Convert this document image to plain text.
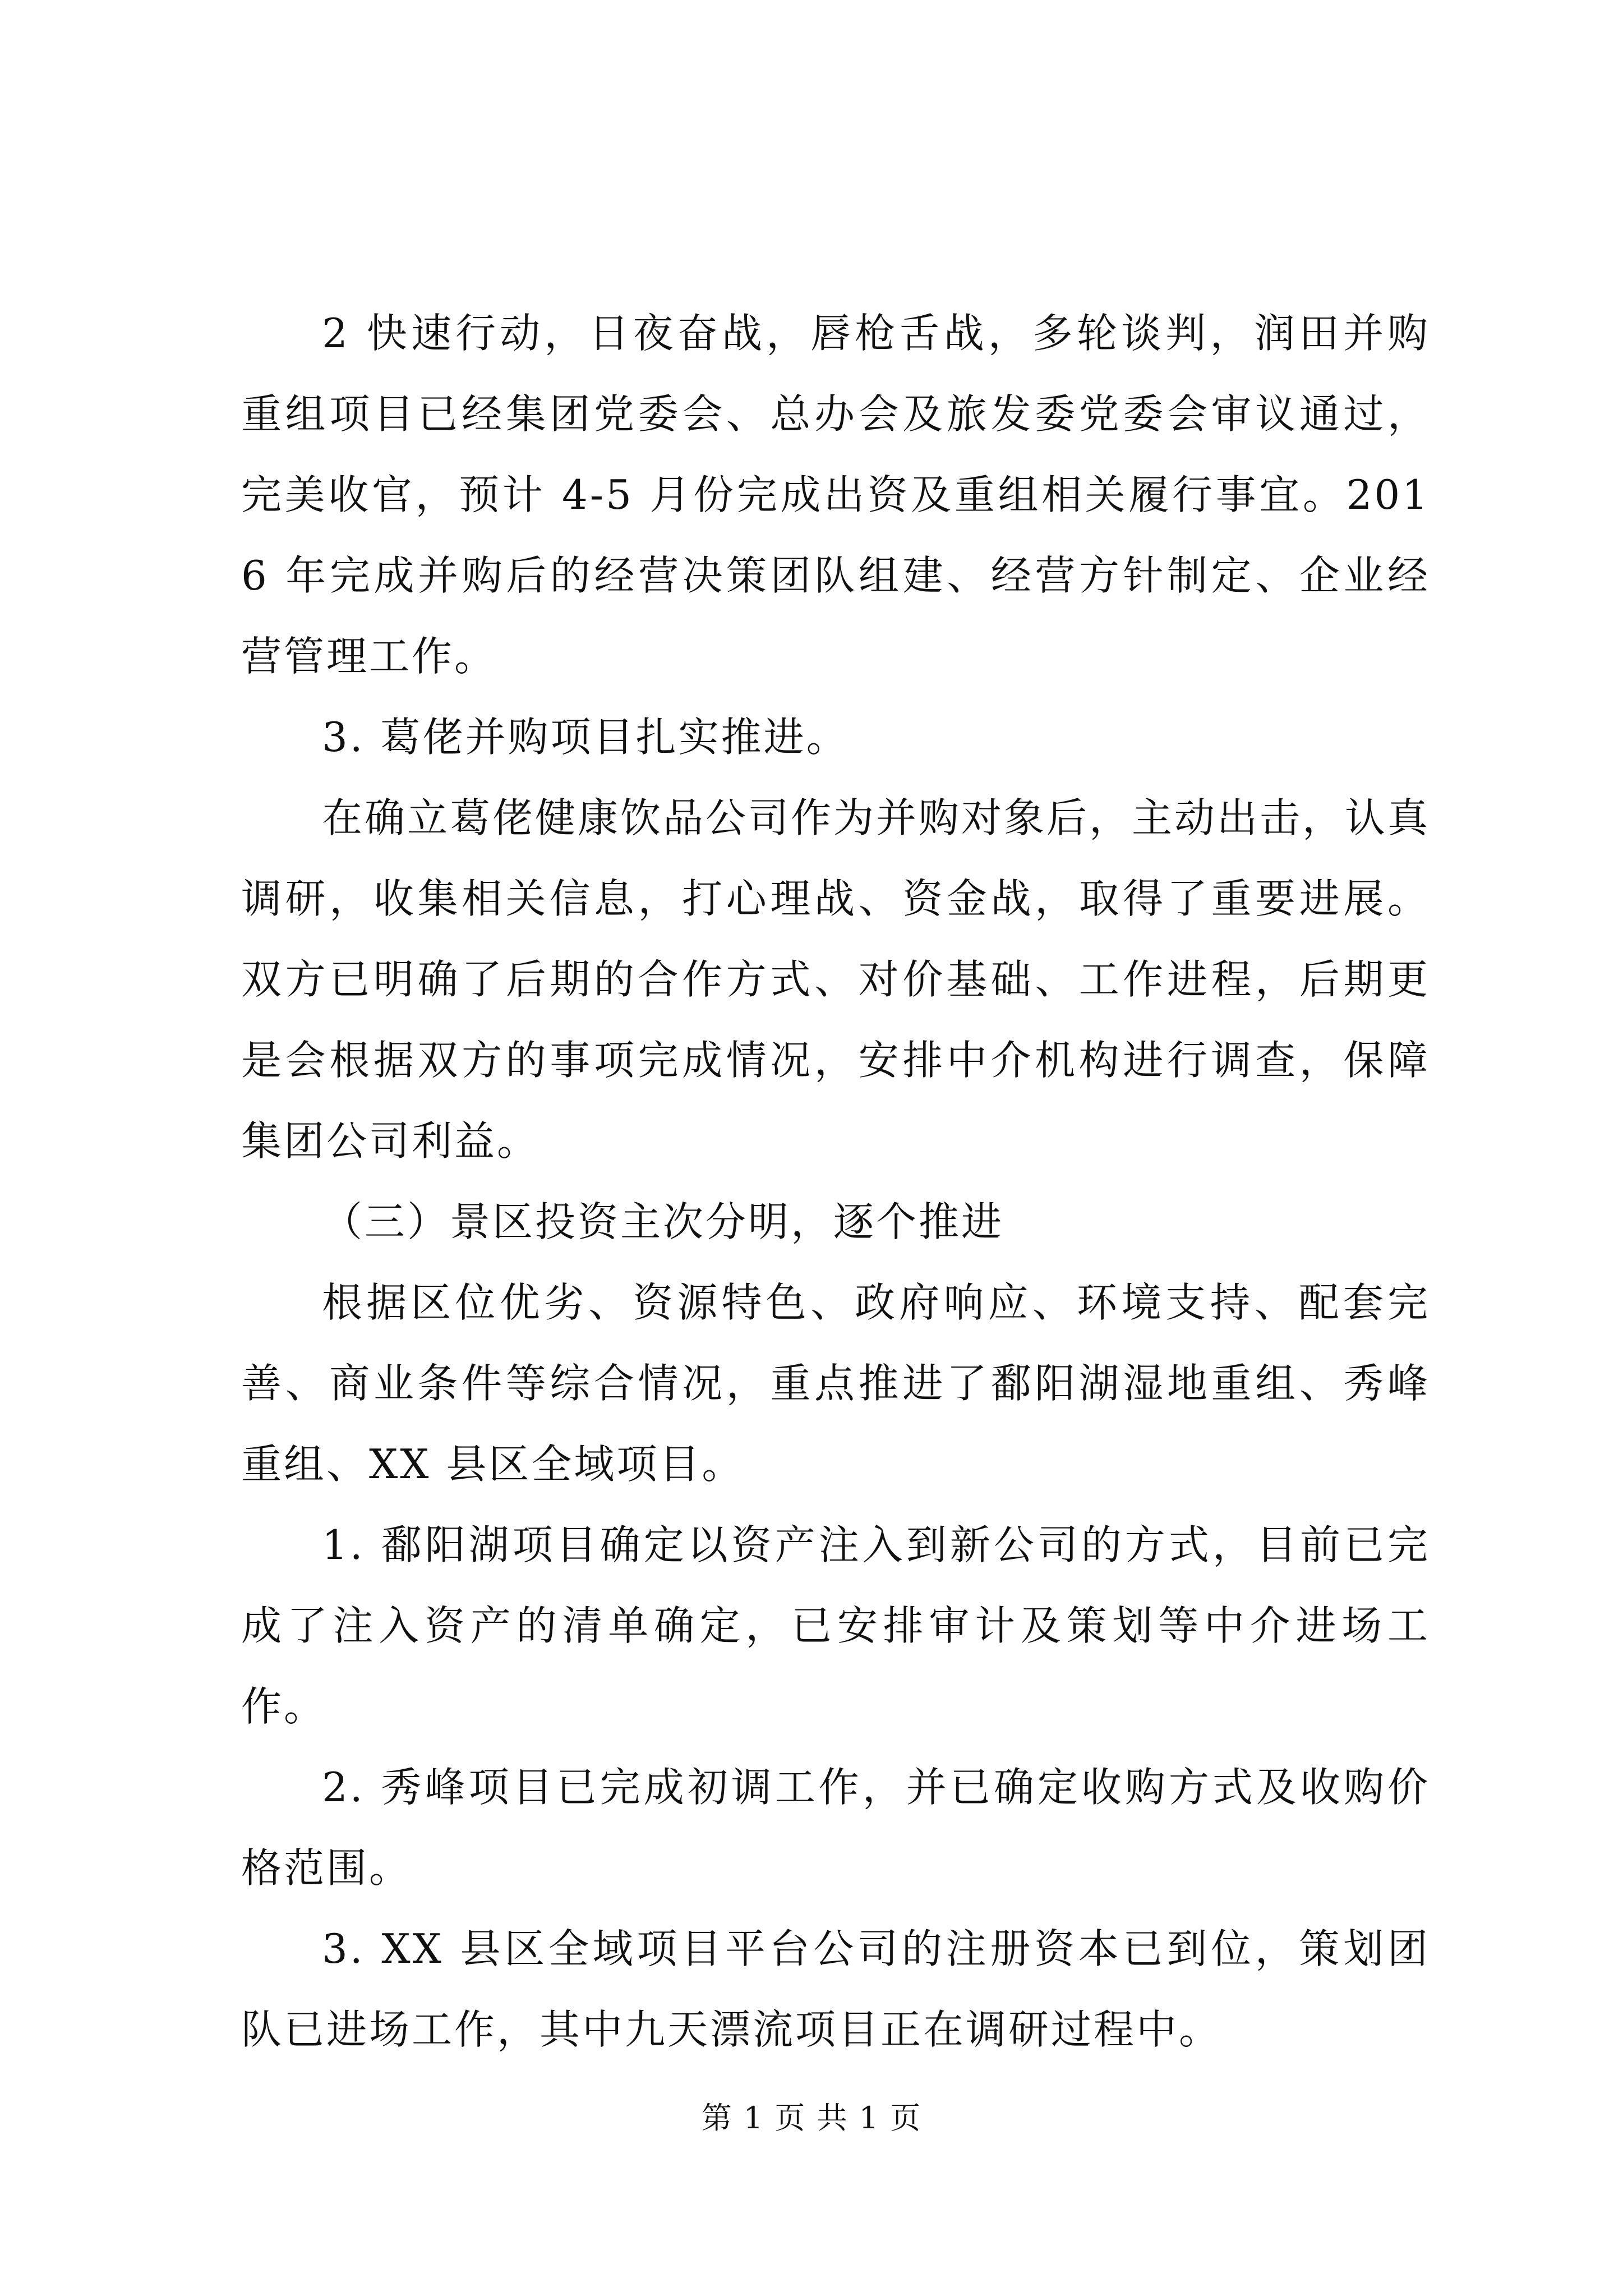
2 快速行动，日夜奋战，唇枪舌战，多轮谈判，润田并购重组项目已经集团党委会、总办会及旅发委党委会审议通过，完美收官，预计 4-5 月份完成出资及重组相关履行事宜。2016 年完成并购后的经营决策团队组建、经营方针制定、企业经营管理工作。

3. 葛佬并购项目扎实推进。

在确立葛佬健康饮品公司作为并购对象后，主动出击，认真调研，收集相关信息，打心理战、资金战，取得了重要进展。双方已明确了后期的合作方式、对价基础、工作进程，后期更是会根据双方的事项完成情况，安排中介机构进行调查，保障集团公司利益。

（三）景区投资主次分明，逐个推进

根据区位优劣、资源特色、政府响应、环境支持、配套完善、商业条件等综合情况，重点推进了鄱阳湖湿地重组、秀峰重组、XX 县区全域项目。

1. 鄱阳湖项目确定以资产注入到新公司的方式，目前已完成了注入资产的清单确定，已安排审计及策划等中介进场工作。

2. 秀峰项目已完成初调工作，并已确定收购方式及收购价格范围。

3. XX 县区全域项目平台公司的注册资本已到位，策划团队已进场工作，其中九天漂流项目正在调研过程中。

第 1 页 共 1 页
